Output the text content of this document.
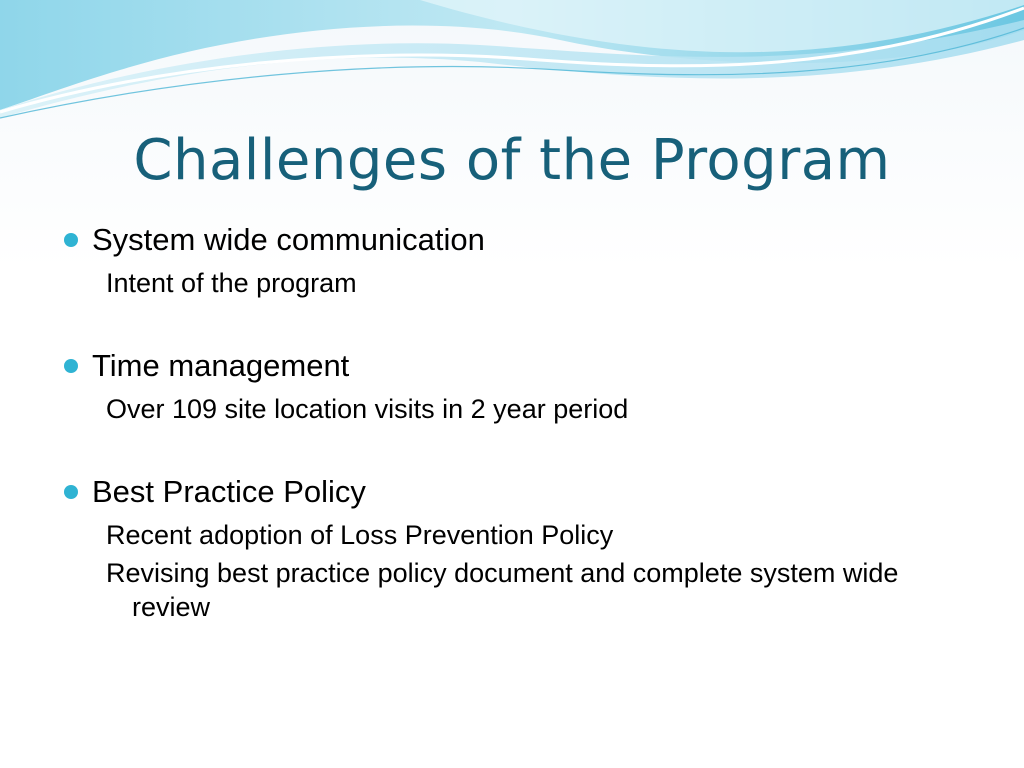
Challenges of the Program

System wide communication

Intent of the program

Time management

Over 109 site location visits in 2 year period

Best Practice Policy

Recent adoption of Loss Prevention Policy

Revising best practice policy document and complete system wide review
